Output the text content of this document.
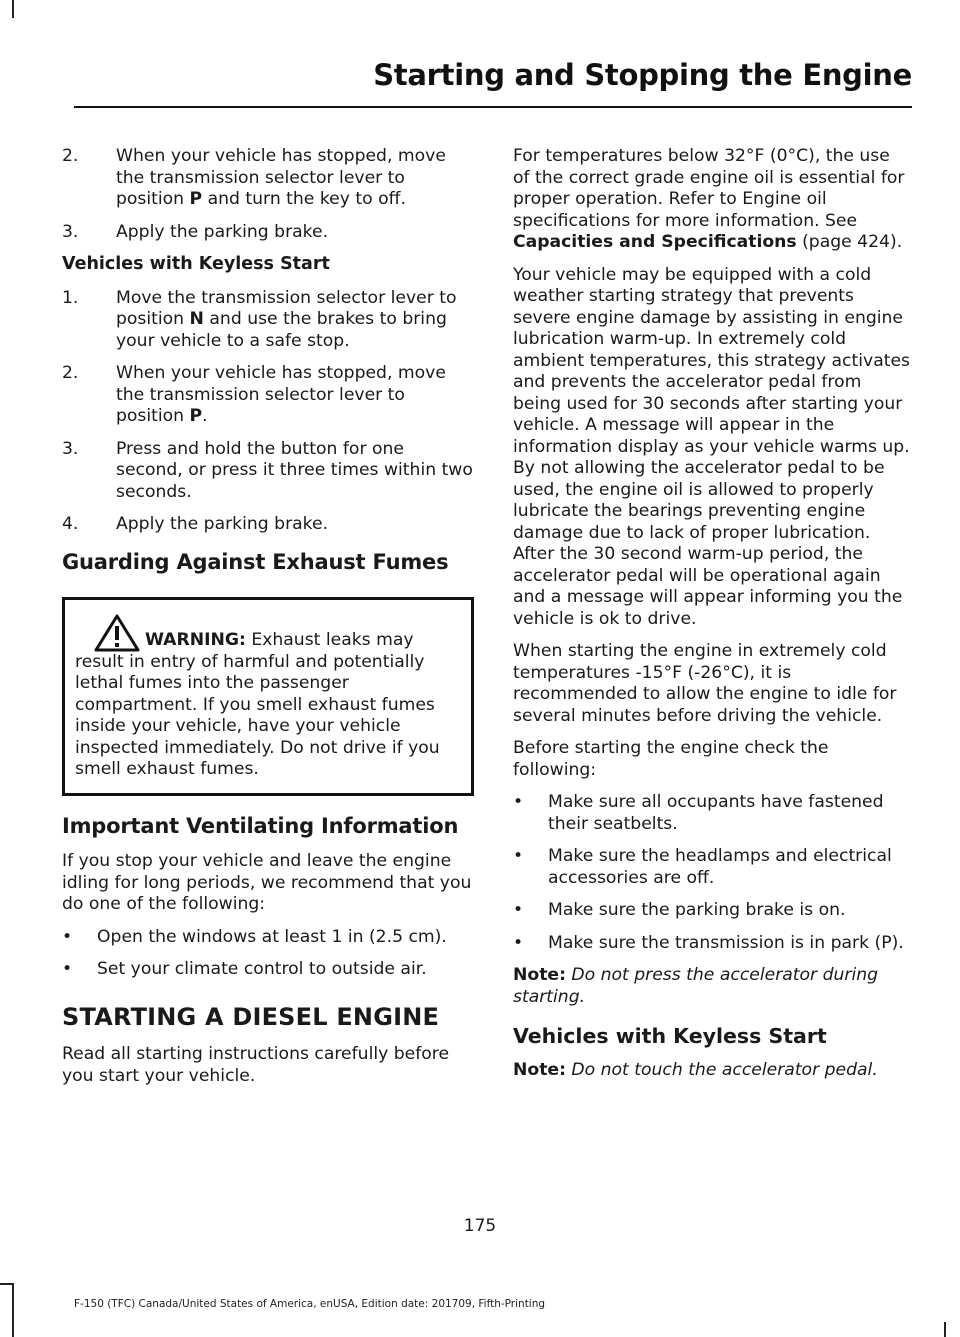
Starting and Stopping the Engine
2.	When your vehicle has stopped, move the transmission selector lever to position P and turn the key to off.
3.	Apply the parking brake.
Vehicles with Keyless Start
1.	Move the transmission selector lever to position N and use the brakes to bring your vehicle to a safe stop.
2.	When your vehicle has stopped, move the transmission selector lever to position P.
3.	Press and hold the button for one second, or press it three times within two seconds.
4.	Apply the parking brake.
Guarding Against Exhaust Fumes
WARNING: Exhaust leaks may result in entry of harmful and potentially lethal fumes into the passenger compartment. If you smell exhaust fumes inside your vehicle, have your vehicle inspected immediately. Do not drive if you smell exhaust fumes.
Important Ventilating Information

If you stop your vehicle and leave the engine idling for long periods, we recommend that you do one of the following:

•	Open the windows at least 1 in (2.5 cm).
•	Set your climate control to outside air.
STARTING A DIESEL ENGINE

Read all starting instructions carefully before you start your vehicle.

For temperatures below 32°F (0°C), the use of the correct grade engine oil is essential for proper operation. Refer to Engine oil specifications for more information. See Capacities and Specifications (page 424).

Your vehicle may be equipped with a cold weather starting strategy that prevents severe engine damage by assisting in engine lubrication warm-up. In extremely cold ambient temperatures, this strategy activates and prevents the accelerator pedal from being used for 30 seconds after starting your vehicle. A message will appear in the information display as your vehicle warms up. By not allowing the accelerator pedal to be used, the engine oil is allowed to properly lubricate the bearings preventing engine damage due to lack of proper lubrication. After the 30 second warm-up period, the accelerator pedal will be operational again and a message will appear informing you the vehicle is ok to drive.

When starting the engine in extremely cold temperatures -15°F (-26°C), it is recommended to allow the engine to idle for several minutes before driving the vehicle.

Before starting the engine check the following:

•	Make sure all occupants have fastened their seatbelts.
•	Make sure the headlamps and electrical accessories are off.
•	Make sure the parking brake is on.
•	Make sure the transmission is in park (P).

Note: Do not press the accelerator during starting.

Vehicles with Keyless Start

Note: Do not touch the accelerator pedal.

175
F-150 (TFC) Canada/United States of America, enUSA, Edition date: 201709, Fifth-Printing
